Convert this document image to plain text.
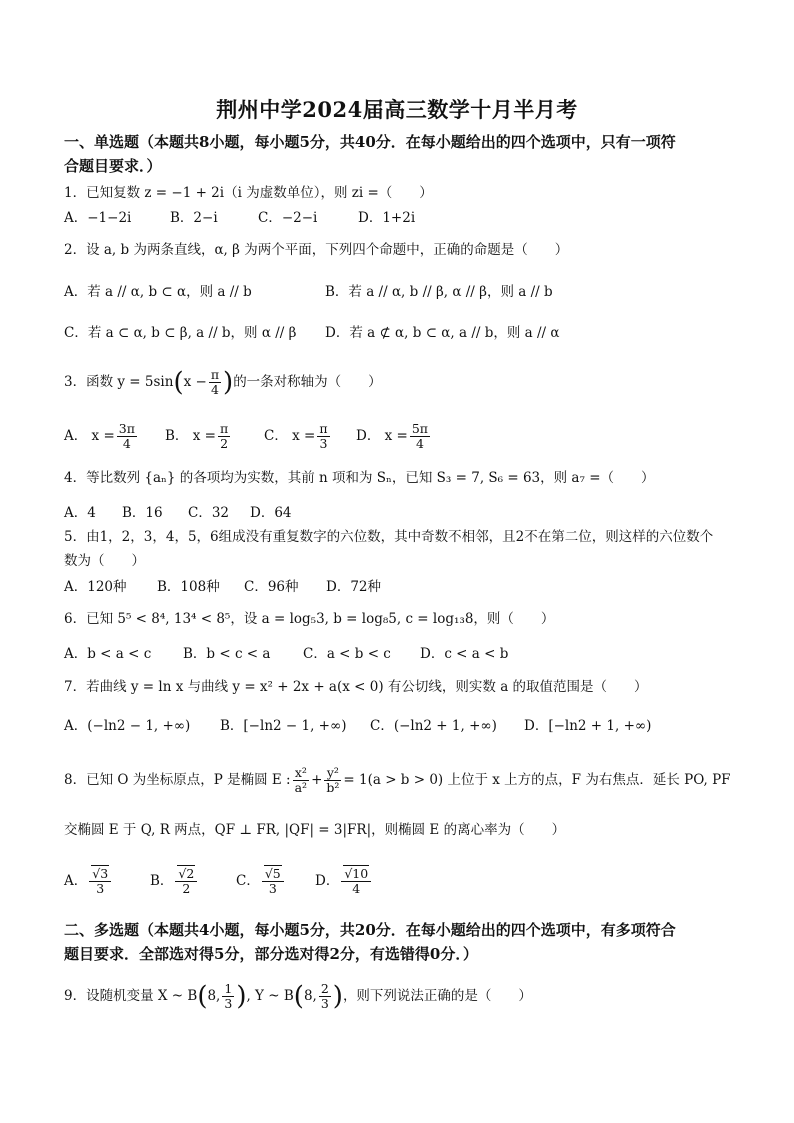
荆州中学2024届高三数学十月半月考
一、单选题（本题共8小题，每小题5分，共40分．在每小题给出的四个选项中，只有一项符
合题目要求．）
1．已知复数 z = −1 + 2i（i 为虚数单位），则 zi =（　　）
A．−1−2i	B．2−i	C．−2−i	D．1+2i
2．设 a, b 为两条直线，α, β 为两个平面，下列四个命题中，正确的命题是（　　）
A．若 a // α, b ⊂ α，则 a // b	B．若 a // α, b // β, α // β，则 a // b
C．若 a ⊂ α, b ⊂ β, a // b，则 α // β D．若 a ⊄ α, b ⊂ α, a // b，则 a // α
3．函数 $y = 5\sin(x - \frac{\pi}{4}$ )的一条对称轴为（　　）
A． $x = \frac{3\pi}{4}$ B． $x = \frac{\pi}{2}$	C． $x = \frac{\pi}{3}$ D． $x = \frac{5\pi}{4}$
4．等比数列 {aₙ} 的各项均为实数，其前 n 项和为 Sₙ，已知 S₃ = 7, S₆ = 63，则 a₇ =（　　）
A．4 B．16 C．32 D．64
5．由1，2，3，4，5，6组成没有重复数字的六位数，其中奇数不相邻，且2不在第二位，则这样的六位数个
数为（　　）
A．120种 B．108种 C．96种 D．72种
6．已知 5⁵ < 8⁴, 13⁴ < 8⁵，设 a = log₅3, b = log₈5, c = log₁₃8，则（　　）
A．b < a < c B．b < c < a C．a < b < c D．c < a < b
7．若曲线 y = ln x 与曲线 y = x² + 2x + a(x < 0) 有公切线，则实数 a 的取值范围是（　　）
A．(−ln2 − 1, +∞) B．[−ln2 − 1, +∞) C．(−ln2 + 1, +∞) D．[−ln2 + 1, +∞)
8．已知 O 为坐标原点，P 是椭圆 E : $\frac{\text{x²}}{\text{a²}} + \frac{\text{y²}}{\text{b²}} = 1(a > b > 0)$ 上位于 x 上方的点，F 为右焦点．延长 PO, PF
交椭圆 E 于 Q, R 两点，QF ⊥ FR, |QF| = 3|FR|，则椭圆 E 的离心率为（　　）
A． $\frac{√3}{3}$	B． $\frac{√2}{2}$	C． $\frac{√5}{3}$ D． $\frac{√10}{4}$
二、多选题（本题共4小题，每小题5分，共20分．在每小题给出的四个选项中，有多项符合
题目要求．全部选对得5分，部分选对得2分，有选错得0分．）
9．设随机变量 X ~ B(8, $\frac{1}{3}$ ), Y ~ B(8, $\frac{2}{3}$ )，则下列说法正确的是（　　）
